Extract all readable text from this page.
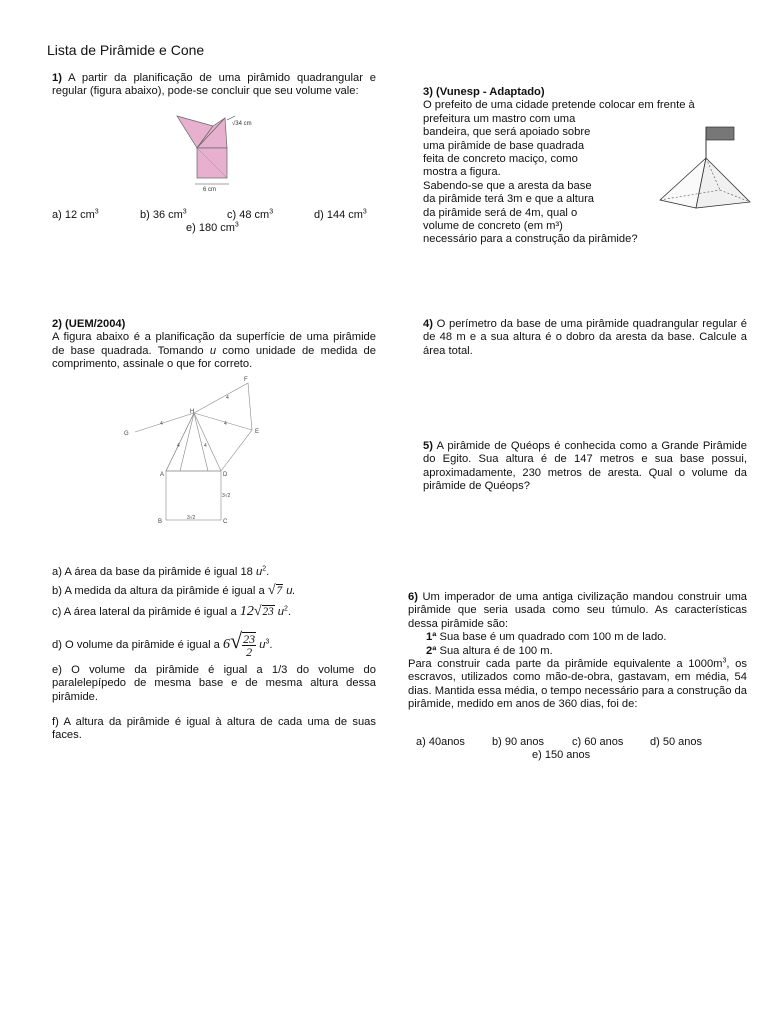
Lista de Pirâmide e Cone

1) A partir da planificação de uma pirâmido quadrangular e regular (figura abaixo), pode-se concluir que seu volume vale:

√34 cm
6 cm
a) 12 $cm^3$	b) 36 $cm^3$	c) 48 $cm^3$	d) 144 $cm^3$
e) 180 $cm^3$

3) (Vunesp - Adaptado)

O prefeito de uma cidade pretende colocar em frente à

prefeitura um mastro com uma

bandeira, que será apoiado sobre

uma pirâmide de base quadrada

feita de concreto maciço, como

mostra a figura.

Sabendo-se que a aresta da base

da pirâmide terá 3m e que a altura

da pirâmide será de 4m, qual o

volume de concreto (em m³)

necessário para a construção da pirâmide?

2) (UEM/2004)

A figura abaixo é a planificação da superfície de uma pirâmide de base quadrada. Tomando u como unidade de medida de comprimento, assinale o que for correto.

F
H
G	E
A	D
B	C
4
4	4
4	4
3√2
3√2
a) A área da base da pirâmide é igual 18 $u^2$.
b) A medida da altura da pirâmide é igual a √7 u.
c) A área lateral da pirâmide é igual a 12√23 $u^2$.
d) O volume da pirâmide é igual a $6√ \frac{23}{2} u^3$.

e) O volume da pirâmide é igual a 1/3 do volume do paralelepípedo de mesma base e de mesma altura dessa pirâmide.

f) A altura da pirâmide é igual à altura de cada uma de suas faces.

4) O perímetro da base de uma pirâmide quadrangular regular é de 48 m e a sua altura é o dobro da aresta da base. Calcule a área total.

5) A pirâmide de Quéops é conhecida como a Grande Pirâmide do Egito. Sua altura é de 147 metros e sua base possui, aproximadamente, 230 metros de aresta. Qual o volume da pirâmide de Quéops?

6) Um imperador de uma antiga civilização mandou construir uma pirâmide que seria usada como seu túmulo. As características dessa pirâmide são:

1ª Sua base é um quadrado com 100 m de lado.

2ª Sua altura é de 100 m.

Para construir cada parte da pirâmide equivalente a $1000m^3$, os escravos, utilizados como mão-de-obra, gastavam, em média, 54 dias. Mantida essa média, o tempo necessário para a construção da pirâmide, medido em anos de 360 dias, foi de:

a) 40anos b) 90 anos	c) 60 anos d) 50 anos
e) 150 anos
